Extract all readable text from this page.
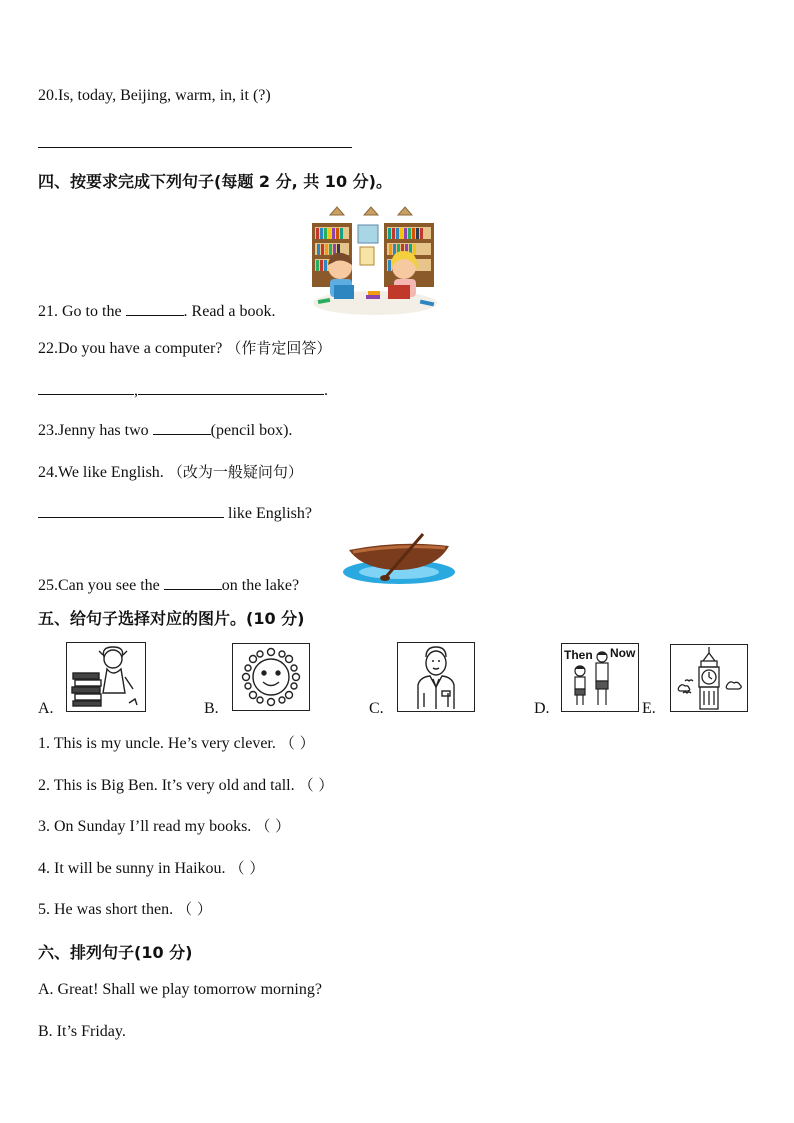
20.Is, today, Beijing, warm, in, it (?)
四、按要求完成下列句子(每题 2 分, 共 10 分)。
21. Go to the	. Read a book.
22.Do you have a computer? （作肯定回答）
,	.
23.Jenny has two	(pencil box).
24.We like English. （改为一般疑问句）
like English?
25.Can you see the	on the lake?
五、给句子选择对应的图片。(10 分)
A.	B.	C.	D.
Then Now
E.
1. This is my uncle. He’s very clever. （ ）
2. This is Big Ben. It’s very old and tall. （ ）
3. On Sunday I’ll read my books. （ ）
4. It will be sunny in Haikou. （ ）
5. He was short then. （ ）
六、排列句子(10 分)
A. Great! Shall we play tomorrow morning?
B. It’s Friday.
